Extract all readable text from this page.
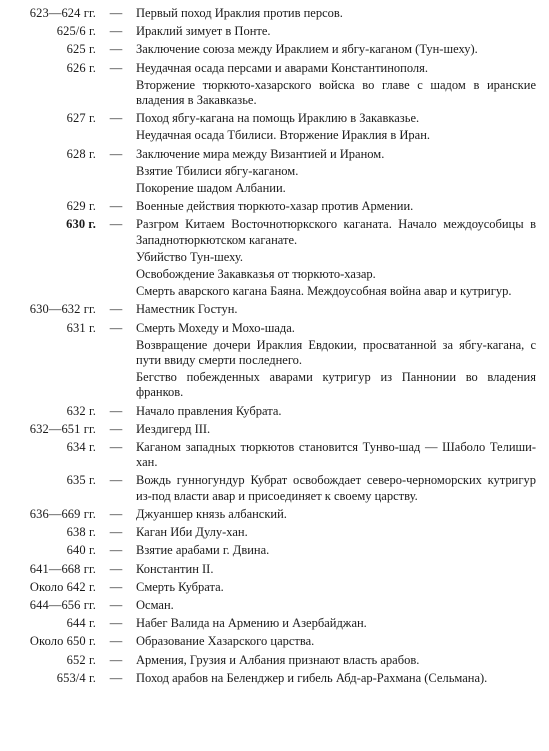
623—624 гг.	—	Первый поход Ираклия против персов.
625/6 г.	—	Ираклий зимует в Понте.
625 г.	—	Заключение союза между Ираклием и ябгу-каганом (Тун-шеху).
626 г.	—	Неудачная осада персами и аварами Константинополя.
Вторжение тюркюто-хазарского войска во главе с шадом в иранские владения в Закавказье.
627 г.	—	Поход ябгу-кагана на помощь Ираклию в Закавказье.
Неудачная осада Тбилиси. Вторжение Ираклия в Иран.
628 г.	—	Заключение мира между Византией и Ираном.
Взятие Тбилиси ябгу-каганом.
Покорение шадом Албании.
629 г.	—	Военные действия тюркюто-хазар против Армении.
630 г.	—	Разгром Китаем Восточнотюркского каганата. Начало междоусобицы в Западнотюркютском каганате.
Убийство Тун-шеху.
Освобождение Закавказья от тюркюто-хазар.
Смерть аварского кагана Баяна. Междоусобная война авар и кутригур.
630—632 гг.	—	Наместник Гостун.
631 г.	—	Смерть Мохеду и Мохо-шада.
Возвращение дочери Ираклия Евдокии, просватанной за ябгу-кагана, с пути ввиду смерти последнего.
Бегство побежденных аварами кутригур из Паннонии во владения франков.
632 г.	—	Начало правления Кубрата.
632—651 гг.	—	Иездигерд III.
634 г.	—	Каганом западных тюркютов становится Тунво-шад — Шаболо Телиши-хан.
635 г.	—	Вождь гунногундур Кубрат освобождает северо-черноморских кутригур из-под власти авар и присоединяет к своему царству.
636—669 гг.	—	Джуаншер князь албанский.
638 г.	—	Каган Иби Дулу-хан.
640 г.	—	Взятие арабами г. Двина.
641—668 гг.	—	Константин II.
Около 642 г.	—	Смерть Кубрата.
644—656 гг.	—	Осман.
644 г.	—	Набег Валида на Армению и Азербайджан.
Около 650 г.	—	Образование Хазарского царства.
652 г.	—	Армения, Грузия и Албания признают власть арабов.
653/4 г.	—	Поход арабов на Беленджер и гибель Абд-ар-Рахмана (Сельмана).
